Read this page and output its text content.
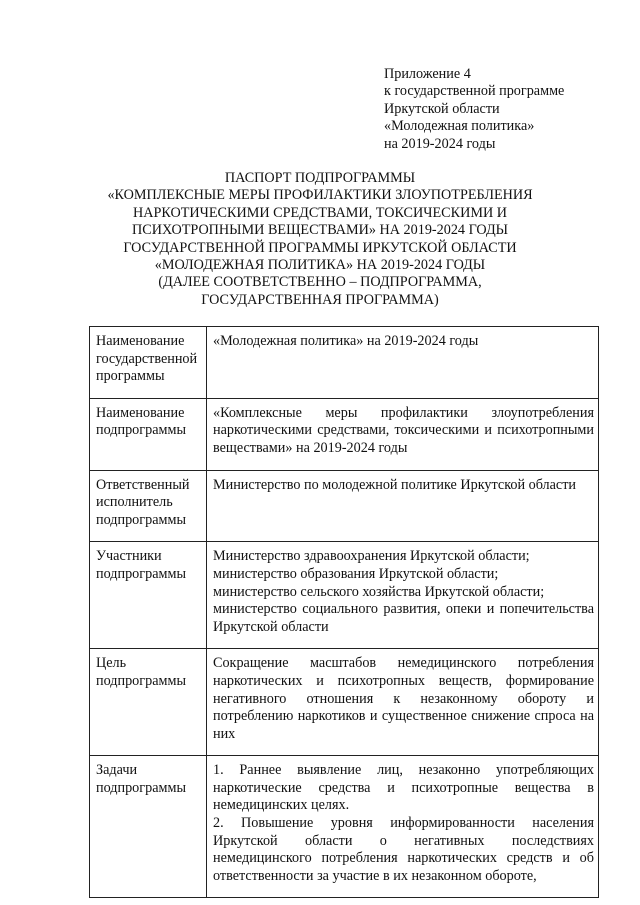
Приложение 4
к государственной программе
Иркутской области
«Молодежная политика»
на 2019-2024 годы
ПАСПОРТ ПОДПРОГРАММЫ
«КОМПЛЕКСНЫЕ МЕРЫ ПРОФИЛАКТИКИ ЗЛОУПОТРЕБЛЕНИЯ
НАРКОТИЧЕСКИМИ СРЕДСТВАМИ, ТОКСИЧЕСКИМИ И
ПСИХОТРОПНЫМИ ВЕЩЕСТВАМИ» НА 2019-2024 ГОДЫ
ГОСУДАРСТВЕННОЙ ПРОГРАММЫ ИРКУТСКОЙ ОБЛАСТИ
«МОЛОДЕЖНАЯ ПОЛИТИКА» НА 2019-2024 ГОДЫ
(ДАЛЕЕ СООТВЕТСТВЕННО – ПОДПРОГРАММА,
ГОСУДАРСТВЕННАЯ ПРОГРАММА)
Наименование государственной программы	«Молодежная политика» на 2019-2024 годы

Наименование подпрограммы	«Комплексные меры профилактики злоупотребления наркотическими средствами, токсическими и психотропными веществами» на 2019-2024 годы

Ответственный исполнитель подпрограммы	Министерство по молодежной политике Иркутской области

Участники подпрограммы	Министерство здравоохранения Иркутской области;
министерство образования Иркутской области;
министерство сельского хозяйства Иркутской области;
министерство социального развития, опеки и попечительства Иркутской области

Цель подпрограммы	Сокращение масштабов немедицинского потребления наркотических и психотропных веществ, формирование негативного отношения к незаконному обороту и потреблению наркотиков и существенное снижение спроса на них

Задачи подпрограммы	1. Раннее выявление лиц, незаконно употребляющих наркотические средства и психотропные вещества в немедицинских целях.
2. Повышение уровня информированности населения Иркутской области о негативных последствиях немедицинского потребления наркотических средств и об ответственности за участие в их незаконном обороте,
